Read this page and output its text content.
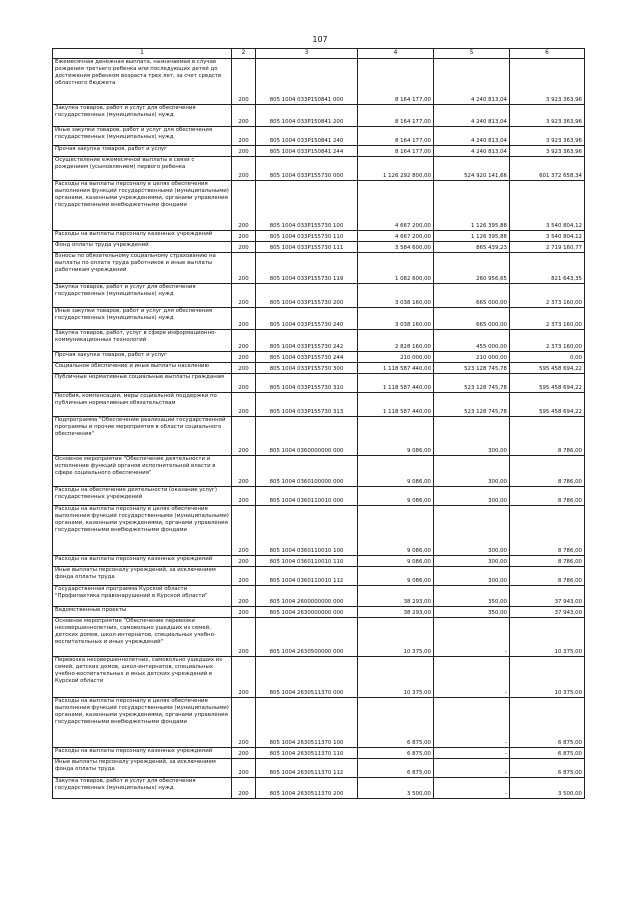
107
1	2	3	4	5	6
Ежемесячная денежная выплата, назначаемая в случае рождения третьего ребенка или последующих детей до достижения ребенком возраста трех лет, за счет средств областного бюджета	200	805 1004 033P150841 000	8 164 177,00	4 240 813,04	3 923 363,96
Закупка товаров, работ и услуг для обеспечения государственных (муниципальных) нужд	200	805 1004 033P150841 200	8 164 177,00	4 240 813,04	3 923 363,96
Иные закупки товаров, работ и услуг для обеспечения государственных (муниципальных) нужд	200	805 1004 033P150841 240	8 164 177,00	4 240 813,04	3 923 363,96
Прочая закупка товаров, работ и услуг	200	805 1004 033P150841 244	8 164 177,00	4 240 813,04	3 923 363,96
Осуществление ежемесячной выплаты в связи с рождением (усыновлением) первого ребенка	200	805 1004 033P155730 000	1 126 292 800,00	524 920 141,66	601 372 658,34
Расходы на выплаты персоналу в целях обеспечения выполнения функций государственными (муниципальными) органами, казенными учреждениями, органами управления государственными внебюджетными фондами	200	805 1004 033P155730 100	4 667 200,00	1 126 395,88	3 540 804,12
Расходы на выплаты персоналу казенных учреждений	200	805 1004 033P155730 110	4 667 200,00	1 126 395,88	3 540 804,12
Фонд оплаты труда учреждений	200	805 1004 033P155730 111	3 584 600,00	865 439,23	2 719 160,77
Взносы по обязательному социальному страхованию на выплаты по оплате труда работников и иные выплаты работникам учреждений	200	805 1004 033P155730 119	1 082 600,00	260 956,65	821 643,35
Закупка товаров, работ и услуг для обеспечения государственных (муниципальных) нужд	200	805 1004 033P155730 200	3 038 160,00	665 000,00	2 373 160,00
Иные закупки товаров, работ и услуг для обеспечения государственных (муниципальных) нужд	200	805 1004 033P155730 240	3 038 160,00	665 000,00	2 373 160,00
Закупка товаров, работ, услуг в сфере информационно-коммуникационных технологий	200	805 1004 033P155730 242	2 828 160,00	455 000,00	2 373 160,00
Прочая закупка товаров, работ и услуг	200	805 1004 033P155730 244	210 000,00	210 000,00	0,00
Социальное обеспечение и иные выплаты населению	200	805 1004 033P155730 300	1 118 587 440,00	523 128 745,78	595 458 694,22
Публичные нормативные социальные выплаты гражданам	200	805 1004 033P155730 310	1 118 587 440,00	523 128 745,78	595 458 694,22
Пособия, компенсации, меры социальной поддержки по публичным нормативным обязательствам	200	805 1004 033P155730 313	1 118 587 440,00	523 128 745,78	595 458 694,22
Подпрограмма "Обеспечение реализации государственной программы и прочие мероприятия в области социального обеспечения"	200	805 1004 0360000000 000	9 086,00	300,00	8 786,00
Основное мероприятие "Обеспечение деятельности и исполнение функций органов исполнительной власти в сфере социального обеспечения"	200	805 1004 0360100000 000	9 086,00	300,00	8 786,00
Расходы на обеспечение деятельности (оказание услуг) государственных учреждений	200	805 1004 0360110010 000	9 086,00	300,00	8 786,00
Расходы на выплаты персоналу в целях обеспечения выполнения функций государственными (муниципальными) органами, казенными учреждениями, органами управления государственными внебюджетными фондами	200	805 1004 0360110010 100	9 086,00	300,00	8 786,00
Расходы на выплаты персоналу казенных учреждений	200	805 1004 0360110010 110	9 086,00	300,00	8 786,00
Иные выплаты персоналу учреждений, за исключением фонда оплаты труда	200	805 1004 0360110010 112	9 086,00	300,00	8 786,00
Государственная программа Курской области "Профилактика правонарушений в Курской области"	200	805 1004 2600000000 000	38 293,00	350,00	37 943,00
Ведомственные проекты	200	805 1004 2630000000 000	38 293,00	350,00	37 943,00
Основное мероприятие "Обеспечение перевозки несовершеннолетних, самовольно ушедших из семей, детских домов, школ-интернатов, специальных учебно-воспитательных и иных учреждений"	200	805 1004 2630500000 000	10 375,00	-	10 375,00
Перевозка несовершеннолетних, самовольно ушедших из семей, детских домов, школ-интернатов, специальных учебно-воспитательных и иных детских учреждений в Курской области	200	805 1004 2630511370 000	10 375,00	-	10 375,00
Расходы на выплаты персоналу в целях обеспечения выполнения функций государственными (муниципальными) органами, казенными учреждениями, органами управления государственными внебюджетными фондами	200	805 1004 2630511370 100	6 875,00	-	6 875,00
Расходы на выплаты персоналу казенных учреждений	200	805 1004 2630511370 110	6 875,00	-	6 875,00
Иные выплаты персоналу учреждений, за исключением фонда оплаты труда	200	805 1004 2630511370 112	6 875,00	-	6 875,00
Закупка товаров, работ и услуг для обеспечения государственных (муниципальных) нужд	200	805 1004 2630511370 200	3 500,00	-	3 500,00
